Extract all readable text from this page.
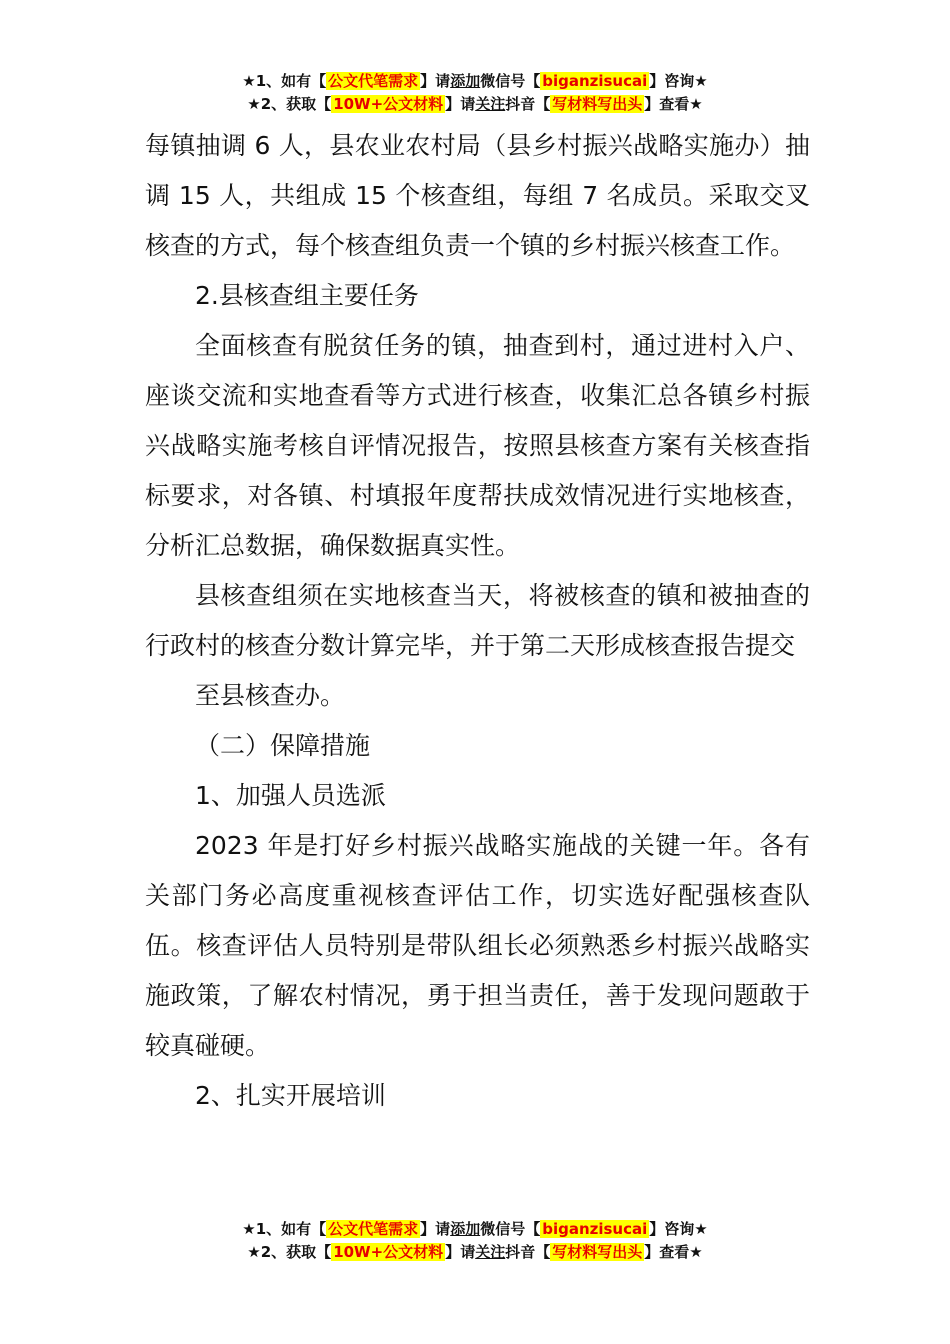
★1、如有【 公文代笔需求 】请添加微信号【 biganzisucai 】咨询★
★2、获取【 10W+公文材料 】请关注抖音【 写材料写出头 】查看★

每镇抽调 6 人，县农业农村局（县乡村振兴战略实施办）抽调 15 人，共组成 15 个核查组，每组 7 名成员。采取交叉核查的方式，每个核查组负责一个镇的乡村振兴核查工作。

2.县核查组主要任务

全面核查有脱贫任务的镇，抽查到村，通过进村入户、座谈交流和实地查看等方式进行核查，收集汇总各镇乡村振兴战略实施考核自评情况报告，按照县核查方案有关核查指标要求，对各镇、村填报年度帮扶成效情况进行实地核查，分析汇总数据，确保数据真实性。

县核查组须在实地核查当天，将被核查的镇和被抽查的行政村的核查分数计算完毕，并于第二天形成核查报告提交

至县核查办。

（二）保障措施

1、加强人员选派

2023 年是打好乡村振兴战略实施战的关键一年。各有关部门务必高度重视核查评估工作，切实选好配强核查队伍。核查评估人员特别是带队组长必须熟悉乡村振兴战略实施政策，了解农村情况，勇于担当责任，善于发现问题敢于较真碰硬。

2、扎实开展培训

★1、如有【 公文代笔需求 】请添加微信号【 biganzisucai 】咨询★
★2、获取【 10W+公文材料 】请关注抖音【 写材料写出头 】查看★
